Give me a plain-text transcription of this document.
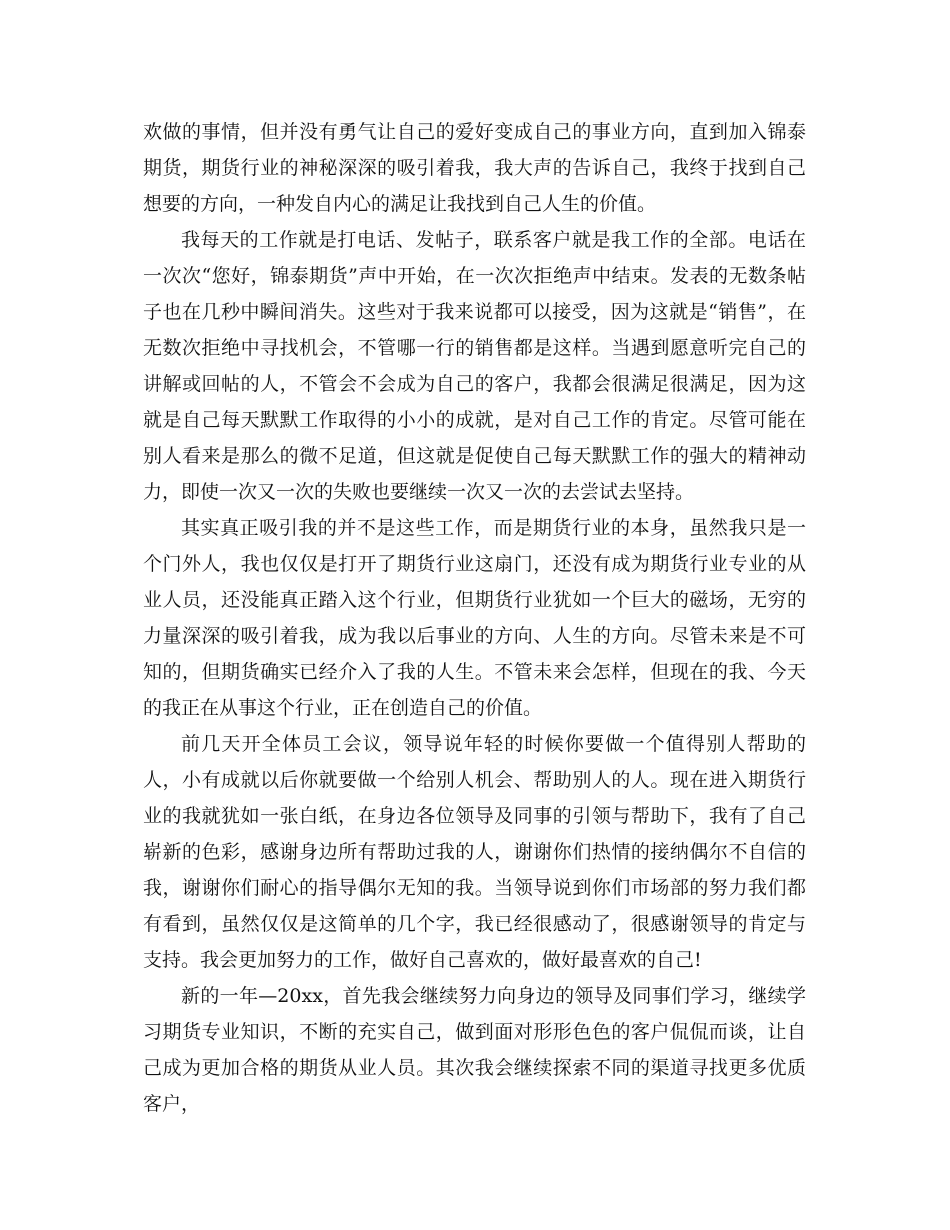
欢做的事情，但并没有勇气让自己的爱好变成自己的事业方向，直到加入锦泰期货，期货行业的神秘深深的吸引着我，我大声的告诉自己，我终于找到自己想要的方向，一种发自内心的满足让我找到自己人生的价值。

我每天的工作就是打电话、发帖子，联系客户就是我工作的全部。电话在一次次“您好，锦泰期货”声中开始，在一次次拒绝声中结束。发表的无数条帖子也在几秒中瞬间消失。这些对于我来说都可以接受，因为这就是“销售”，在无数次拒绝中寻找机会，不管哪一行的销售都是这样。当遇到愿意听完自己的讲解或回帖的人，不管会不会成为自己的客户，我都会很满足很满足，因为这就是自己每天默默工作取得的小小的成就，是对自己工作的肯定。尽管可能在别人看来是那么的微不足道，但这就是促使自己每天默默工作的强大的精神动力，即使一次又一次的失败也要继续一次又一次的去尝试去坚持。

其实真正吸引我的并不是这些工作，而是期货行业的本身，虽然我只是一个门外人，我也仅仅是打开了期货行业这扇门，还没有成为期货行业专业的从业人员，还没能真正踏入这个行业，但期货行业犹如一个巨大的磁场，无穷的力量深深的吸引着我，成为我以后事业的方向、人生的方向。尽管未来是不可知的，但期货确实已经介入了我的人生。不管未来会怎样，但现在的我、今天的我正在从事这个行业，正在创造自己的价值。

前几天开全体员工会议，领导说年轻的时候你要做一个值得别人帮助的人，小有成就以后你就要做一个给别人机会、帮助别人的人。现在进入期货行业的我就犹如一张白纸，在身边各位领导及同事的引领与帮助下，我有了自己崭新的色彩，感谢身边所有帮助过我的人，谢谢你们热情的接纳偶尔不自信的我，谢谢你们耐心的指导偶尔无知的我。当领导说到你们市场部的努力我们都有看到，虽然仅仅是这简单的几个字，我已经很感动了，很感谢领导的肯定与支持。我会更加努力的工作，做好自己喜欢的，做好最喜欢的自己!

新的一年—20xx，首先我会继续努力向身边的领导及同事们学习，继续学习期货专业知识，不断的充实自己，做到面对形形色色的客户侃侃而谈，让自己成为更加合格的期货从业人员。其次我会继续探索不同的渠道寻找更多优质客户，
